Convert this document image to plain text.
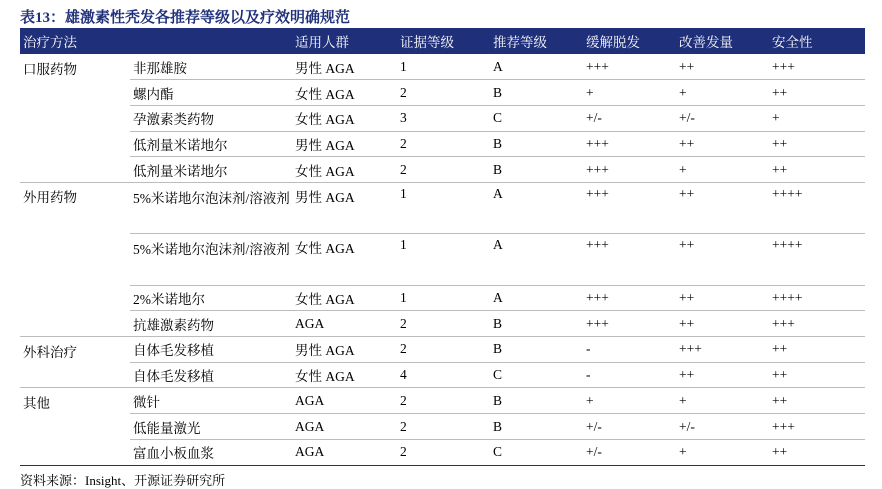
表13：雄激素性秃发各推荐等级以及疗效明确规范
治疗方法		适用人群	证据等级	推荐等级	缓解脱发	改善发量	安全性
口服药物	非那雄胺	男性 AGA	1	A	+++	++	+++
	螺内酯	女性 AGA	2	B	+	+	++
	孕激素类药物	女性 AGA	3	C	+/-	+/-	+
	低剂量米诺地尔	男性 AGA	2	B	+++	++	++
	低剂量米诺地尔	女性 AGA	2	B	+++	+	++
外用药物	5%米诺地尔泡沫剂/溶液剂	男性 AGA	1	A	+++	++	++++
	5%米诺地尔泡沫剂/溶液剂	女性 AGA	1	A	+++	++	++++
	2%米诺地尔	女性 AGA	1	A	+++	++	++++
	抗雄激素药物	AGA	2	B	+++	++	+++
外科治疗	自体毛发移植	男性 AGA	2	B	-	+++	++
	自体毛发移植	女性 AGA	4	C	-	++	++
其他	微针	AGA	2	B	+	+	++
	低能量激光	AGA	2	B	+/-	+/-	+++
	富血小板血浆	AGA	2	C	+/-	+	++
资料来源：Insight、开源证券研究所
